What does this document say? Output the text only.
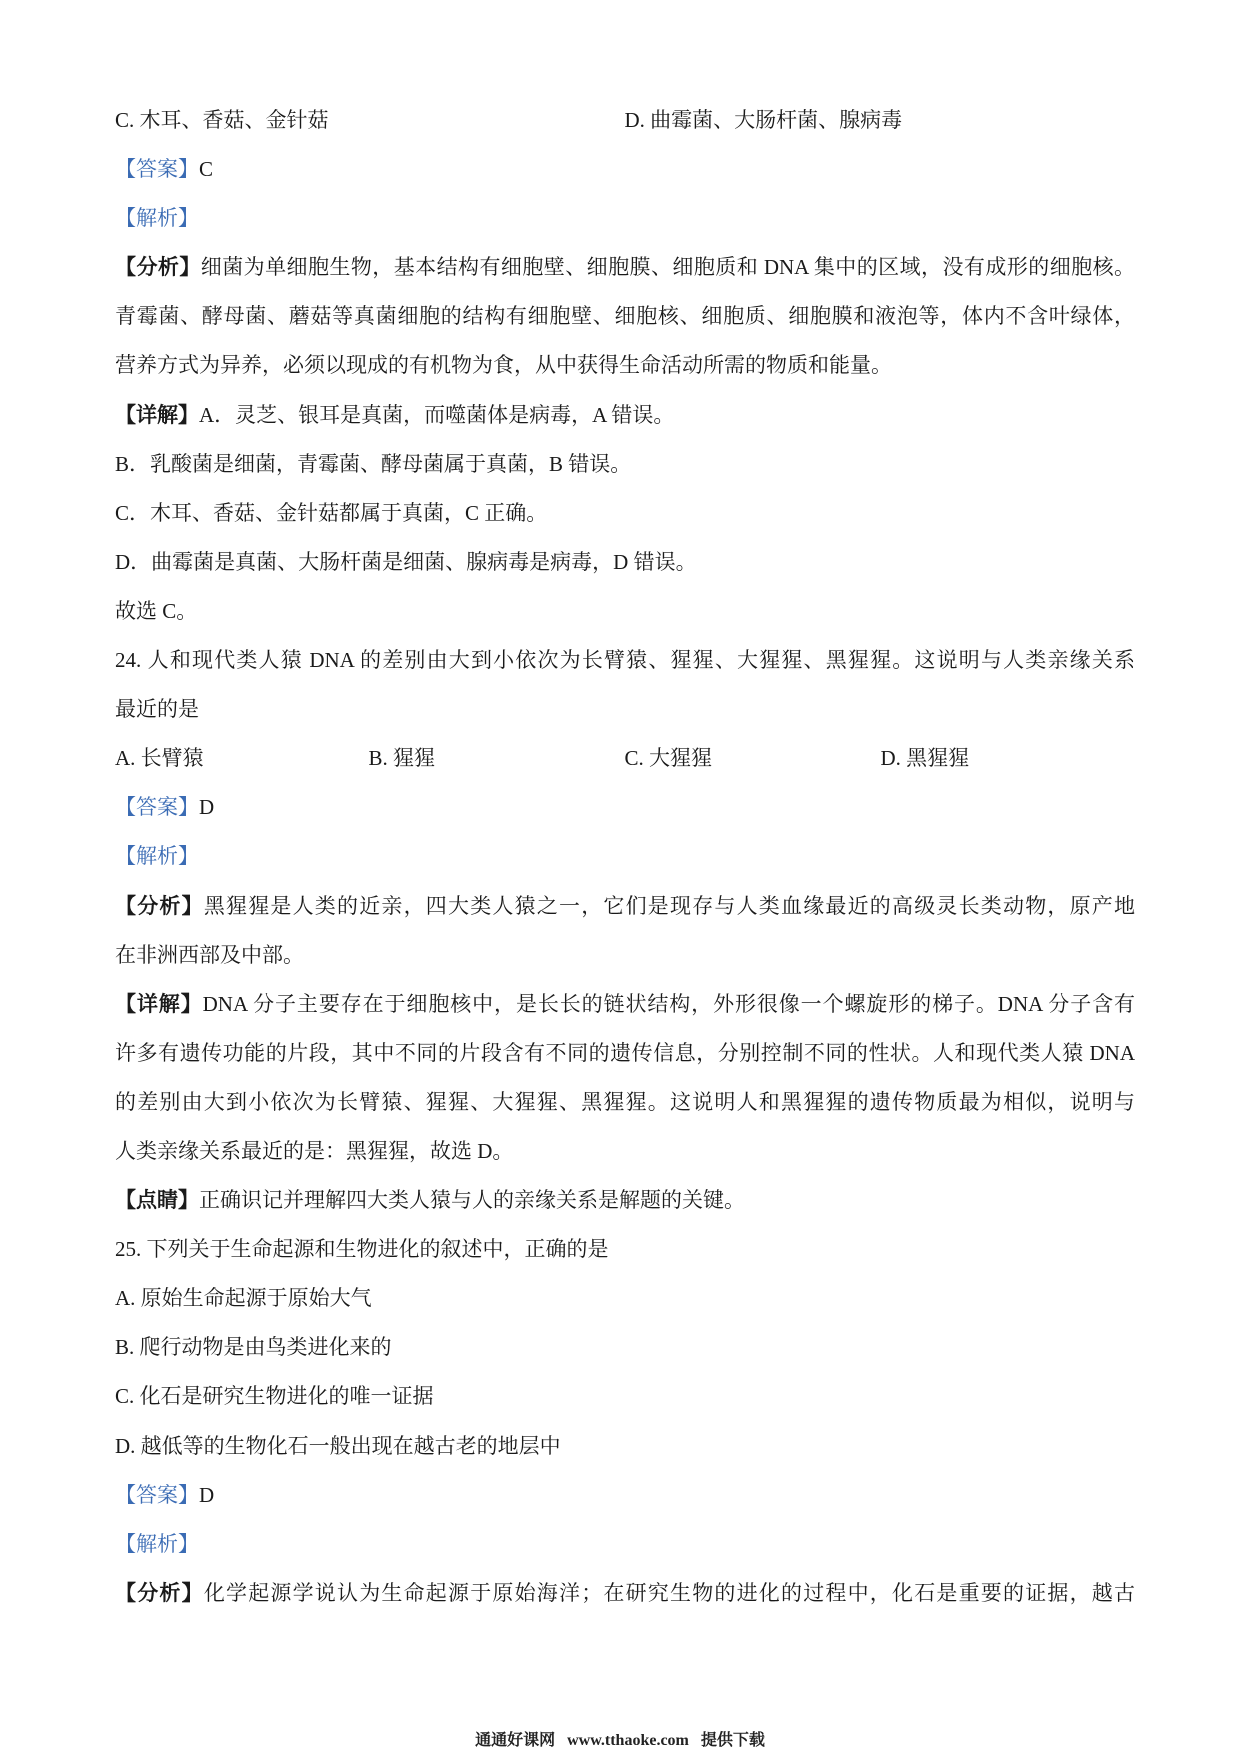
C. 木耳、香菇、金针菇	D. 曲霉菌、大肠杆菌、腺病毒
【答案】C
【解析】
【分析】细菌为单细胞生物，基本结构有细胞壁、细胞膜、细胞质和 DNA 集中的区域，没有成形的细胞核。
青霉菌、酵母菌、蘑菇等真菌细胞的结构有细胞壁、细胞核、细胞质、细胞膜和液泡等，体内不含叶绿体，
营养方式为异养，必须以现成的有机物为食，从中获得生命活动所需的物质和能量。
【详解】A．灵芝、银耳是真菌，而噬菌体是病毒，A 错误。
B．乳酸菌是细菌，青霉菌、酵母菌属于真菌，B 错误。
C．木耳、香菇、金针菇都属于真菌，C 正确。
D．曲霉菌是真菌、大肠杆菌是细菌、腺病毒是病毒，D 错误。
故选 C。
24. 人和现代类人猿 DNA 的差别由大到小依次为长臂猿、猩猩、大猩猩、黑猩猩。这说明与人类亲缘关系
最近的是
A. 长臂猿	B. 猩猩	C. 大猩猩	D. 黑猩猩
【答案】D
【解析】
【分析】黑猩猩是人类的近亲，四大类人猿之一，它们是现存与人类血缘最近的高级灵长类动物，原产地
在非洲西部及中部。
【详解】DNA 分子主要存在于细胞核中，是长长的链状结构，外形很像一个螺旋形的梯子。DNA 分子含有
许多有遗传功能的片段，其中不同的片段含有不同的遗传信息，分别控制不同的性状。人和现代类人猿 DNA
的差别由大到小依次为长臂猿、猩猩、大猩猩、黑猩猩。这说明人和黑猩猩的遗传物质最为相似，说明与
人类亲缘关系最近的是：黑猩猩，故选 D。
【点睛】正确识记并理解四大类人猿与人的亲缘关系是解题的关键。
25. 下列关于生命起源和生物进化的叙述中，正确的是
A. 原始生命起源于原始大气
B. 爬行动物是由鸟类进化来的
C. 化石是研究生物进化的唯一证据
D. 越低等的生物化石一般出现在越古老的地层中
【答案】D
【解析】
【分析】化学起源学说认为生命起源于原始海洋；在研究生物的进化的过程中，化石是重要的证据，越古
通通好课网 www.tthaoke.com 提供下载
